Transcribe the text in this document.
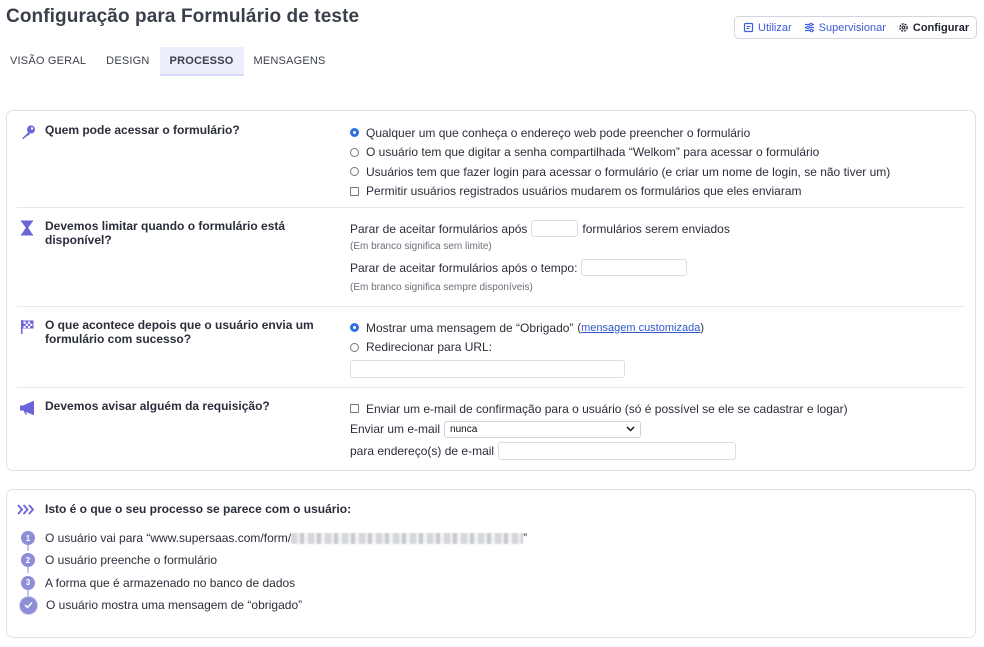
Configuração para Formulário de teste
Utilizar Supervisionar Configurar
VISÃO GERAL	DESIGN	PROCESSO	MENSAGENS
Quem pode acessar o formulário?	Qualquer um que conheça o endereço web pode preencher o formulário
O usuário tem que digitar a senha compartilhada “Welkom” para acessar o formulário
Usuários tem que fazer login para acessar o formulário (e criar um nome de login, se não tiver um)
Permitir usuários registrados usuários mudarem os formulários que eles enviaram
Devemos limitar quando o formulário está disponível?
Parar de aceitar formulários após	formulários serem enviados
(Em branco significa sem limite)
Parar de aceitar formulários após o tempo:
(Em branco significa sempre disponíveis)
O que acontece depois que o usuário envia um formulário com sucesso?
Mostrar uma mensagem de “Obrigado” ( mensagem customizada )
Redirecionar para URL:
Devemos avisar alguém da requisição?	Enviar um e-mail de confirmação para o usuário (só é possível se ele se cadastrar e logar)
Enviar um e-mail nunca
para endereço(s) de e-mail
Isto é o que o seu processo se parece com o usuário:
1	O usuário vai para “www.supersaas.com/form/	”
2	O usuário preenche o formulário
3	A forma que é armazenado no banco de dados
O usuário mostra uma mensagem de “obrigado”
